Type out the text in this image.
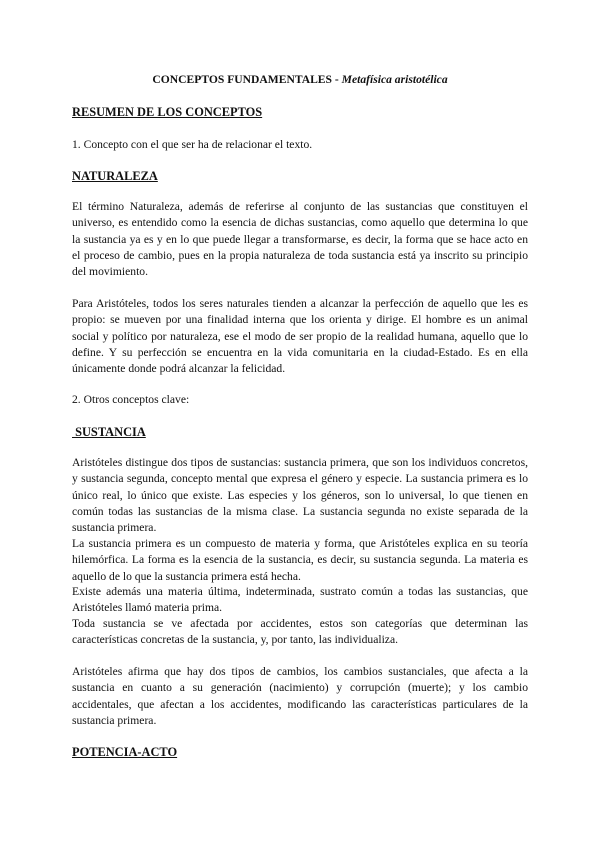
CONCEPTOS FUNDAMENTALES - Metafísica aristotélica
RESUMEN DE LOS CONCEPTOS
1. Concepto con el que ser ha de relacionar el texto.
NATURALEZA
El término Naturaleza, además de referirse al conjunto de las sustancias que constituyen el universo, es entendido como la esencia de dichas sustancias, como aquello que determina lo que la sustancia ya es y en lo que puede llegar a transformarse, es decir, la forma que se hace acto en el proceso de cambio, pues en la propia naturaleza de toda sustancia está ya inscrito su principio del movimiento.
Para Aristóteles, todos los seres naturales tienden a alcanzar la perfección de aquello que les es propio: se mueven por una finalidad interna que los orienta y dirige. El hombre es un animal social y político por naturaleza, ese el modo de ser propio de la realidad humana, aquello que lo define. Y su perfección se encuentra en la vida comunitaria en la ciudad-Estado. Es en ella únicamente donde podrá alcanzar la felicidad.
2. Otros conceptos clave:
SUSTANCIA
Aristóteles distingue dos tipos de sustancias: sustancia primera, que son los individuos concretos, y sustancia segunda, concepto mental que expresa el género y especie. La sustancia primera es lo único real, lo único que existe. Las especies y los géneros, son lo universal, lo que tienen en común todas las sustancias de la misma clase. La sustancia segunda no existe separada de la sustancia primera.
La sustancia primera es un compuesto de materia y forma, que Aristóteles explica en su teoría hilemórfica. La forma es la esencia de la sustancia, es decir, su sustancia segunda. La materia es aquello de lo que la sustancia primera está hecha.
Existe además una materia última, indeterminada, sustrato común a todas las sustancias, que Aristóteles llamó materia prima.
Toda sustancia se ve afectada por accidentes, estos son categorías que determinan las características concretas de la sustancia, y, por tanto, las individualiza.
Aristóteles afirma que hay dos tipos de cambios, los cambios sustanciales, que afecta a la sustancia en cuanto a su generación (nacimiento) y corrupción (muerte); y los cambio accidentales, que afectan a los accidentes, modificando las características particulares de la sustancia primera.
POTENCIA-ACTO
